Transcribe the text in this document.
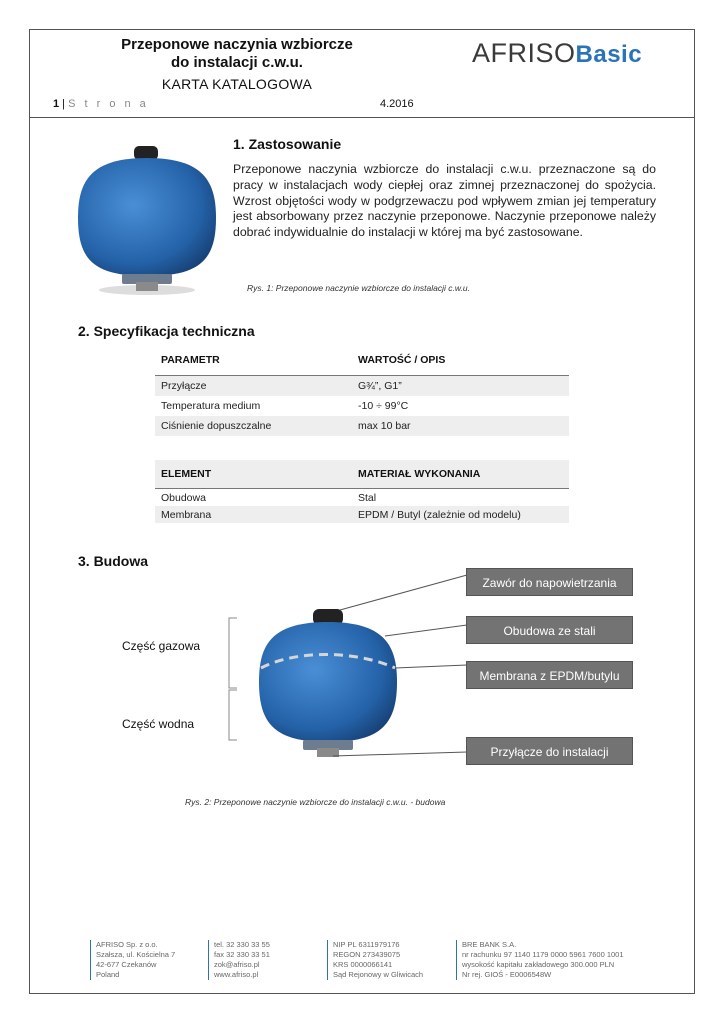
Przeponowe naczynia wzbiorcze
do instalacji c.w.u.
KARTA KATALOGOWA
1 | S t r o n a	4.2016
AFRISOBasic
1. Zastosowanie
Przeponowe naczynia wzbiorcze do instalacji c.w.u. przeznaczone są do pracy w instalacjach wody ciepłej oraz zimnej przeznaczonej do spożycia. Wzrost objętości wody w podgrzewaczu pod wpływem zmian jej temperatury jest absorbowany przez naczynie przeponowe. Naczynie przeponowe należy dobrać indywidualnie do instalacji w której ma być zastosowane.
Rys. 1: Przeponowe naczynie wzbiorcze do instalacji c.w.u.
2. Specyfikacja techniczna
PARAMETR	WARTOŚĆ / OPIS
Przyłącze	G¾”, G1”
Temperatura medium	-10 ÷ 99°C
Ciśnienie dopuszczalne	max 10 bar
ELEMENT	MATERIAŁ WYKONANIA
Obudowa	Stal
Membrana	EPDM / Butyl (zależnie od modelu)
3. Budowa
Zawór do napowietrzania
Obudowa ze stali
Membrana z EPDM/butylu
Przyłącze do instalacji
Część gazowa
Część wodna
Rys. 2: Przeponowe naczynie wzbiorcze do instalacji c.w.u. - budowa
AFRISO Sp. z o.o.
Szałsza, ul. Kościelna 7
42-677 Czekanów
Poland
tel. 32 330 33 55
fax 32 330 33 51
zok@afriso.pl
www.afriso.pl
NIP PL 6311979176
REGON 273439075
KRS 0000066141
Sąd Rejonowy w Gliwicach
BRE BANK S.A.
nr rachunku 97 1140 1179 0000 5961 7600 1001
wysokość kapitału zakładowego 300.000 PLN
Nr rej. GIOŚ - E0006548W
